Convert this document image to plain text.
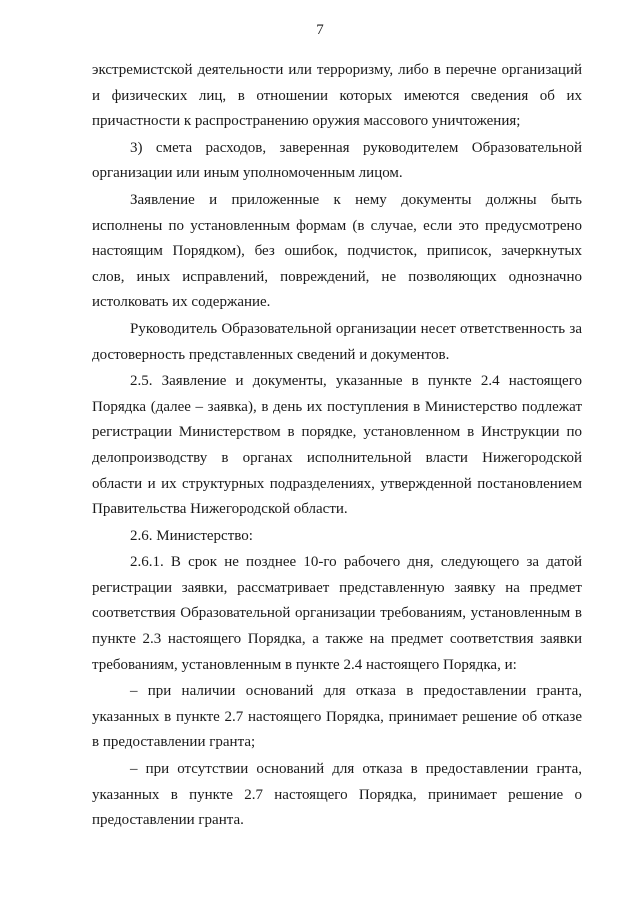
7

экстремистской деятельности или терроризму, либо в перечне организаций и физических лиц, в отношении которых имеются сведения об их причастности к распространению оружия массового уничтожения;

3) смета расходов, заверенная руководителем Образовательной организации или иным уполномоченным лицом.

Заявление и приложенные к нему документы должны быть исполнены по установленным формам (в случае, если это предусмотрено настоящим Порядком), без ошибок, подчисток, приписок, зачеркнутых слов, иных исправлений, повреждений, не позволяющих однозначно истолковать их содержание.

Руководитель Образовательной организации несет ответственность за достоверность представленных сведений и документов.

2.5. Заявление и документы, указанные в пункте 2.4 настоящего Порядка (далее – заявка), в день их поступления в Министерство подлежат регистрации Министерством в порядке, установленном в Инструкции по делопроизводству в органах исполнительной власти Нижегородской области и их структурных подразделениях, утвержденной постановлением Правительства Нижегородской области.

2.6. Министерство:

2.6.1. В срок не позднее 10-го рабочего дня, следующего за датой регистрации заявки, рассматривает представленную заявку на предмет соответствия Образовательной организации требованиям, установленным в пункте 2.3 настоящего Порядка, а также на предмет соответствия заявки требованиям, установленным в пункте 2.4 настоящего Порядка, и:

– при наличии оснований для отказа в предоставлении гранта, указанных в пункте 2.7 настоящего Порядка, принимает решение об отказе в предоставлении гранта;

– при отсутствии оснований для отказа в предоставлении гранта, указанных в пункте 2.7 настоящего Порядка, принимает решение о предоставлении гранта.
